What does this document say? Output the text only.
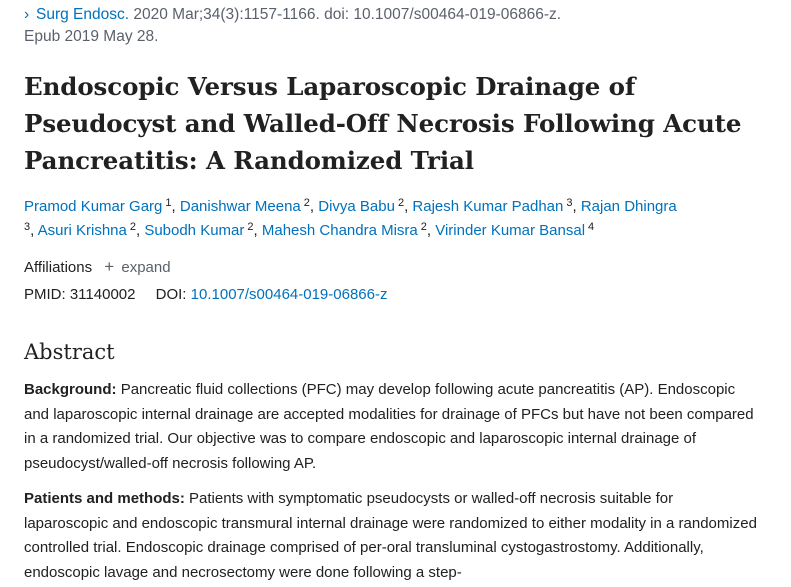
› Surg Endosc. 2020 Mar;34(3):1157-1166. doi: 10.1007/s00464-019-06866-z.
Epub 2019 May 28.
Endoscopic Versus Laparoscopic Drainage of Pseudocyst and Walled-Off Necrosis Following Acute Pancreatitis: A Randomized Trial
Pramod Kumar Garg $^1$, Danishwar Meena $^2$, Divya Babu $^2$, Rajesh Kumar Padhan $^3$, Rajan Dhingra
$^3$, Asuri Krishna $^2$, Subodh Kumar $^2$, Mahesh Chandra Misra $^2$, Virinder Kumar Bansal $^4$
Affiliations + expand
PMID: 31140002 DOI: 10.1007/s00464-019-06866-z
Abstract

Background: Pancreatic fluid collections (PFC) may develop following acute pancreatitis (AP). Endoscopic and laparoscopic internal drainage are accepted modalities for drainage of PFCs but have not been compared in a randomized trial. Our objective was to compare endoscopic and laparoscopic internal drainage of pseudocyst/walled-off necrosis following AP.

Patients and methods: Patients with symptomatic pseudocysts or walled-off necrosis suitable for laparoscopic and endoscopic transmural internal drainage were randomized to either modality in a randomized controlled trial. Endoscopic drainage comprised of per-oral transluminal cystogastrostomy. Additionally, endoscopic lavage and necrosectomy were done following a step-
